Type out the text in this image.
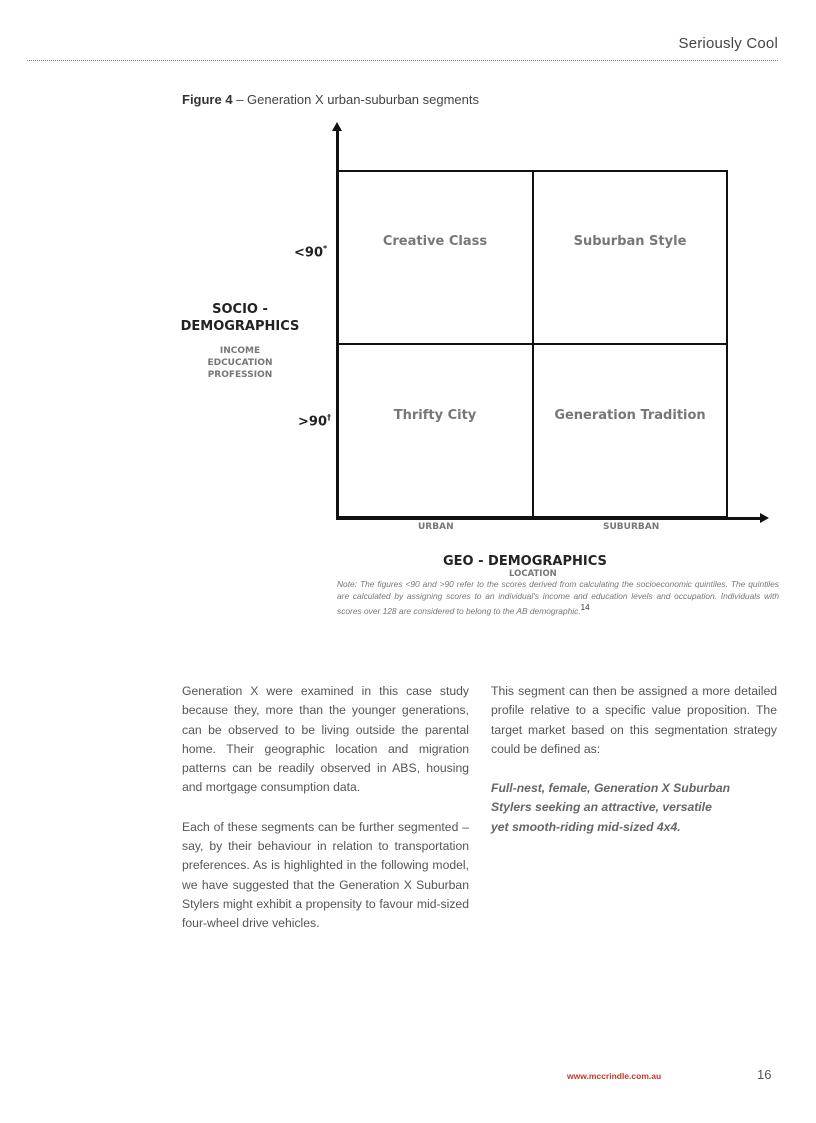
Seriously Cool
Figure 4 – Generation X urban-suburban segments
Creative Class	Suburban Style
Thrifty City	Generation Tradition
<90*
>90†
SOCIO -
DEMOGRAPHICS
INCOME
EDCUCATION
PROFESSION
URBAN	SUBURBAN
GEO - DEMOGRAPHICS
LOCATION
Note: The figures <90 and >90 refer to the scores derived from calculating the socioeconomic quintiles. The quintiles are calculated by assigning scores to an individual's income and education levels and occupation. Individuals with scores over 128 are considered to belong to the AB demographic.$^{14}$

Generation X were examined in this case study because they, more than the younger generations, can be observed to be living outside the parental home. Their geographic location and migration patterns can be readily observed in ABS, housing and mortgage consumption data.

Each of these segments can be further segmented – say, by their behaviour in relation to transportation preferences. As is highlighted in the following model, we have suggested that the Generation X Suburban Stylers might exhibit a propensity to favour mid-sized four-wheel drive vehicles.

This segment can then be assigned a more detailed profile relative to a specific value proposition. The target market based on this segmentation strategy could be defined as:

Full-nest, female, Generation X Suburban Stylers seeking an attractive, versatile yet smooth-riding mid-sized 4x4.

www.mccrindle.com.au	16
